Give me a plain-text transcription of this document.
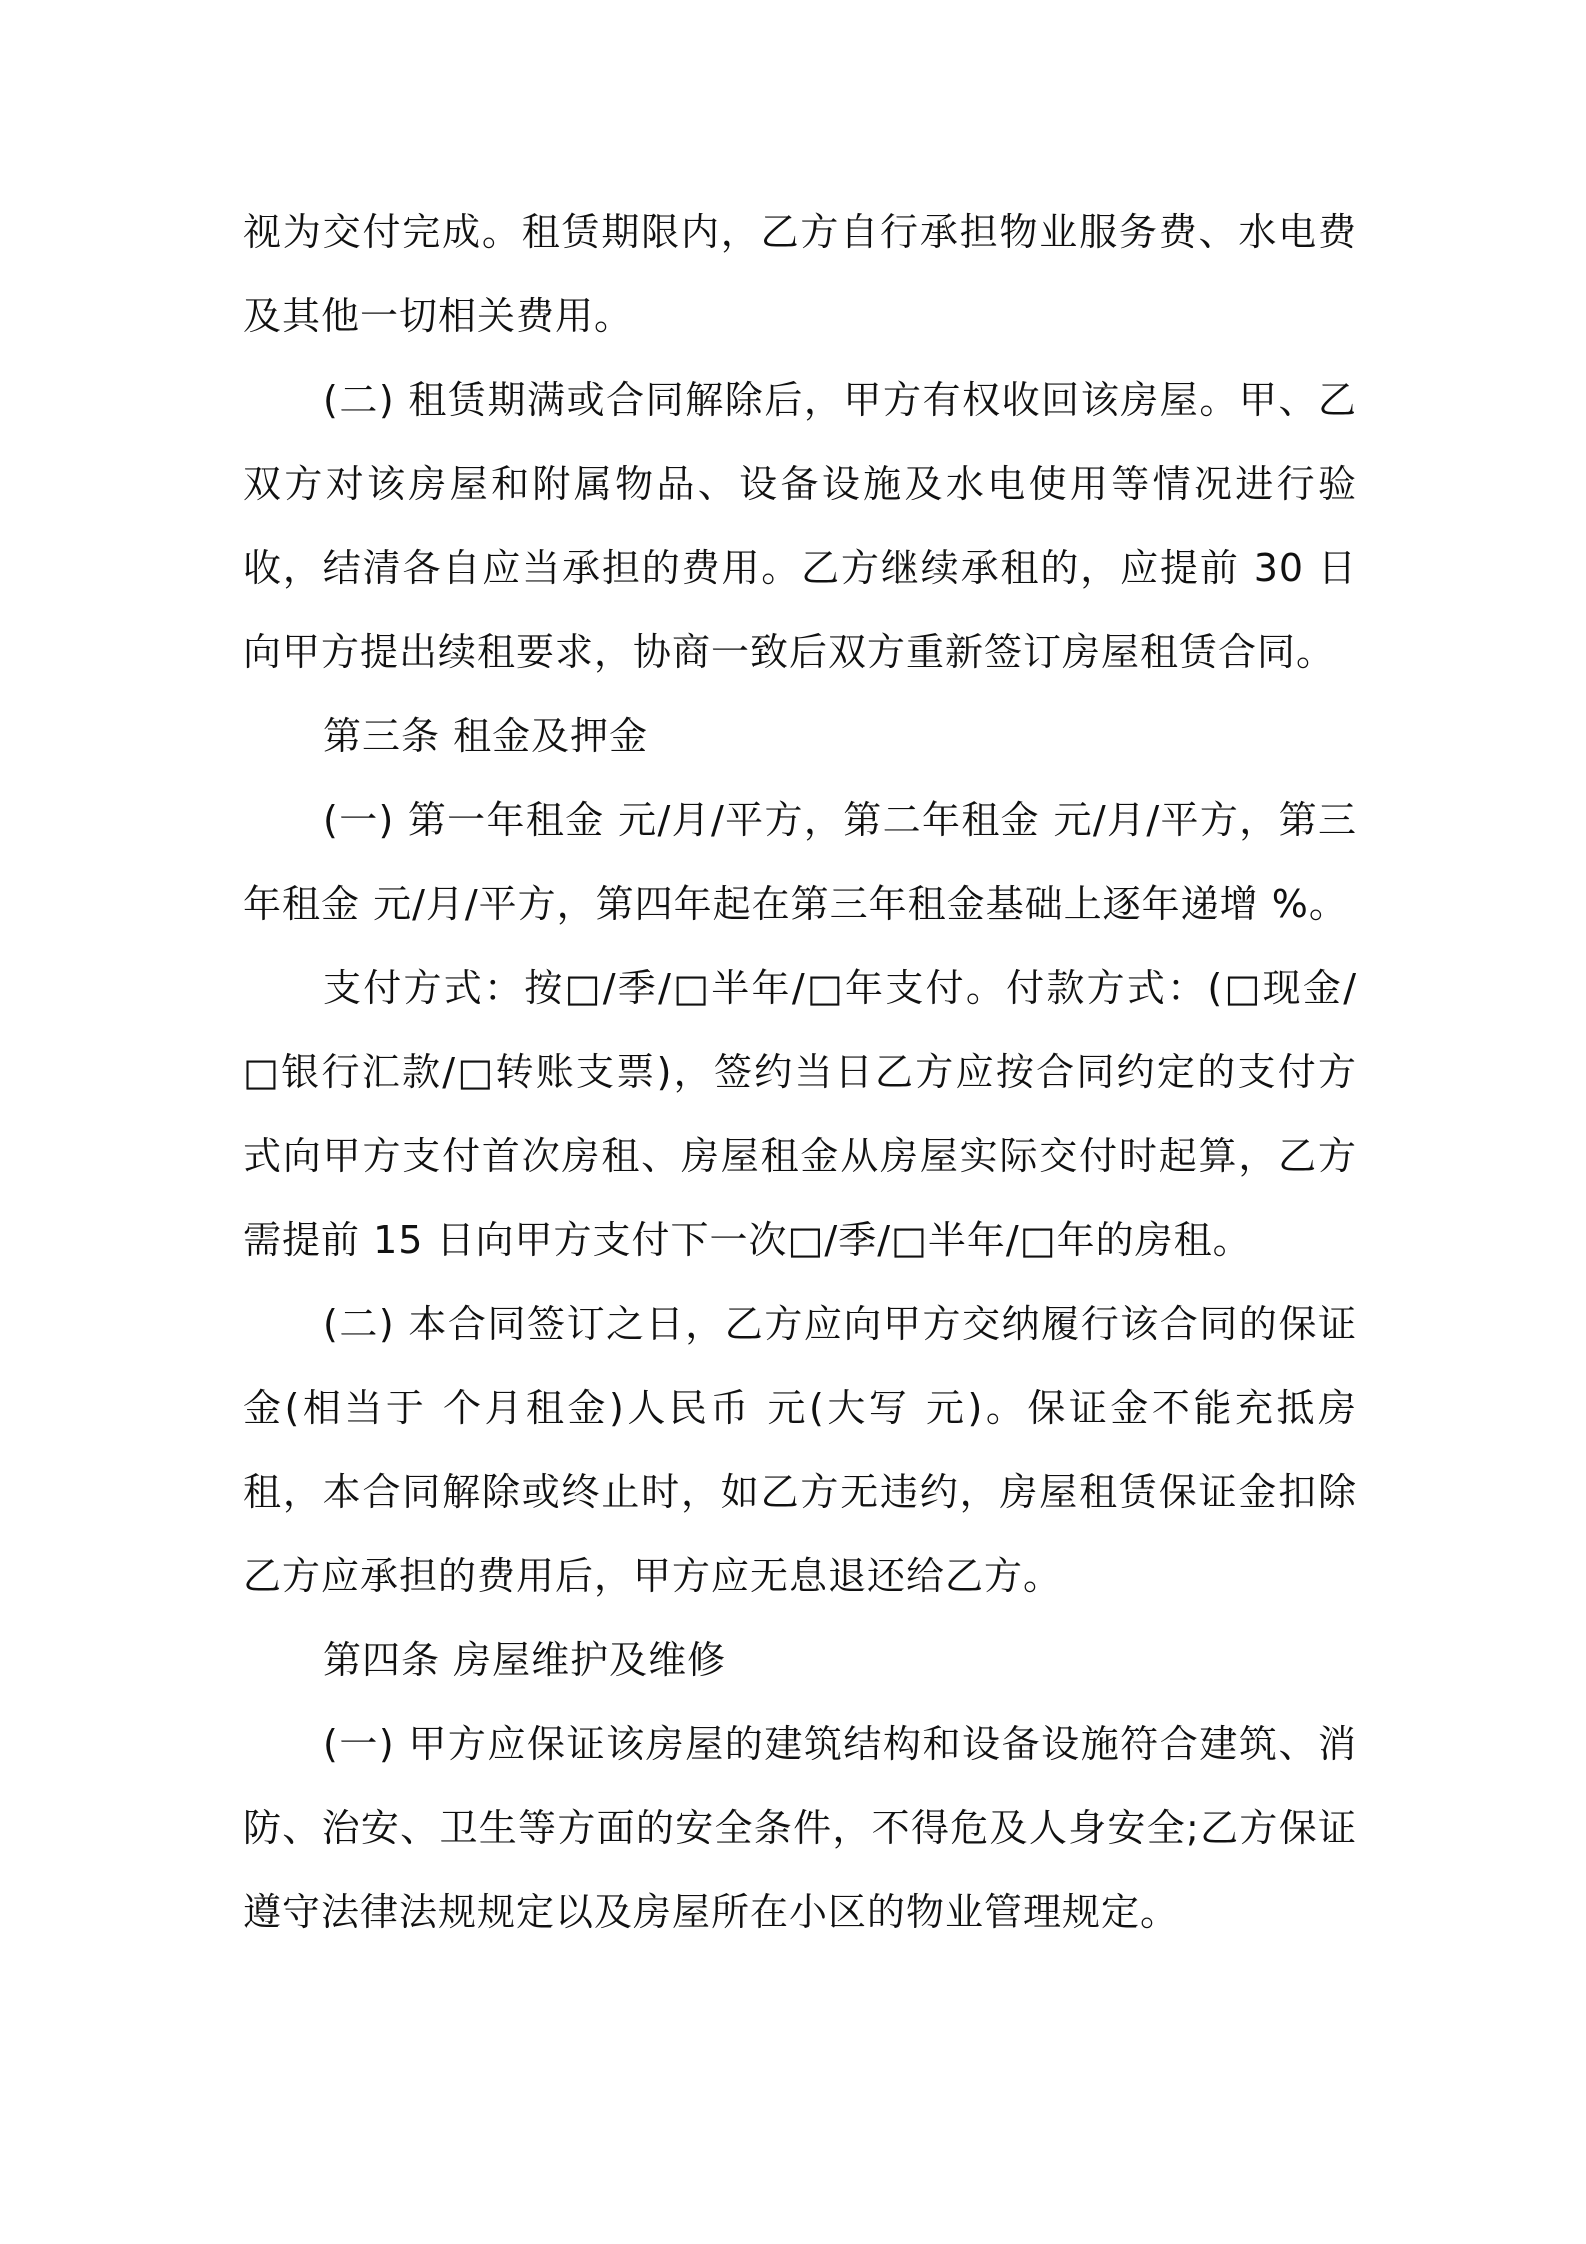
视为交付完成。租赁期限内，乙方自行承担物业服务费、水电费及其他一切相关费用。

(二) 租赁期满或合同解除后，甲方有权收回该房屋。甲、乙双方对该房屋和附属物品、设备设施及水电使用等情况进行验收，结清各自应当承担的费用。乙方继续承租的，应提前 30 日向甲方提出续租要求，协商一致后双方重新签订房屋租赁合同。

第三条 租金及押金

(一) 第一年租金 元/月/平方，第二年租金 元/月/平方，第三年租金 元/月/平方，第四年起在第三年租金基础上逐年递增 %。

支付方式：按□/季/□半年/□年支付。付款方式：(□现金/□银行汇款/□转账支票)，签约当日乙方应按合同约定的支付方式向甲方支付首次房租、房屋租金从房屋实际交付时起算，乙方需提前 15 日向甲方支付下一次□/季/□半年/□年的房租。

(二) 本合同签订之日，乙方应向甲方交纳履行该合同的保证金(相当于 个月租金)人民币 元(大写 元)。保证金不能充抵房租，本合同解除或终止时，如乙方无违约，房屋租赁保证金扣除乙方应承担的费用后，甲方应无息退还给乙方。

第四条 房屋维护及维修

(一) 甲方应保证该房屋的建筑结构和设备设施符合建筑、消防、治安、卫生等方面的安全条件，不得危及人身安全;乙方保证遵守法律法规规定以及房屋所在小区的物业管理规定。
